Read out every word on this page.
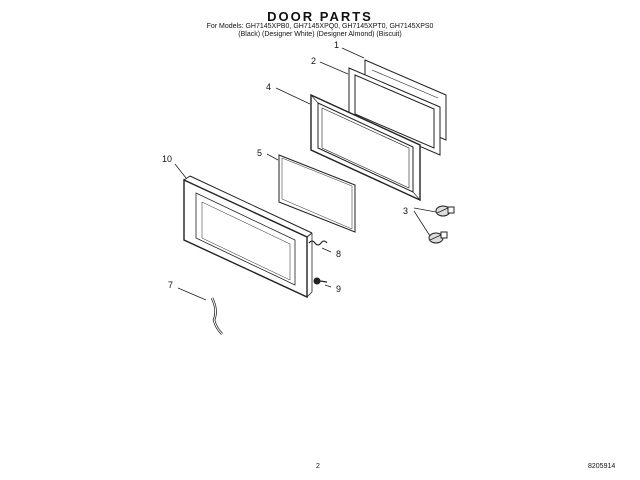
DOOR PARTS
For Models: GH7145XPB0, GH7145XPQ0, GH7145XPT0, GH7145XPS0
(Black) (Designer White) (Designer Almond) (Biscuit)
1
2
4
5
10
3
8
9
7
2	8205914
